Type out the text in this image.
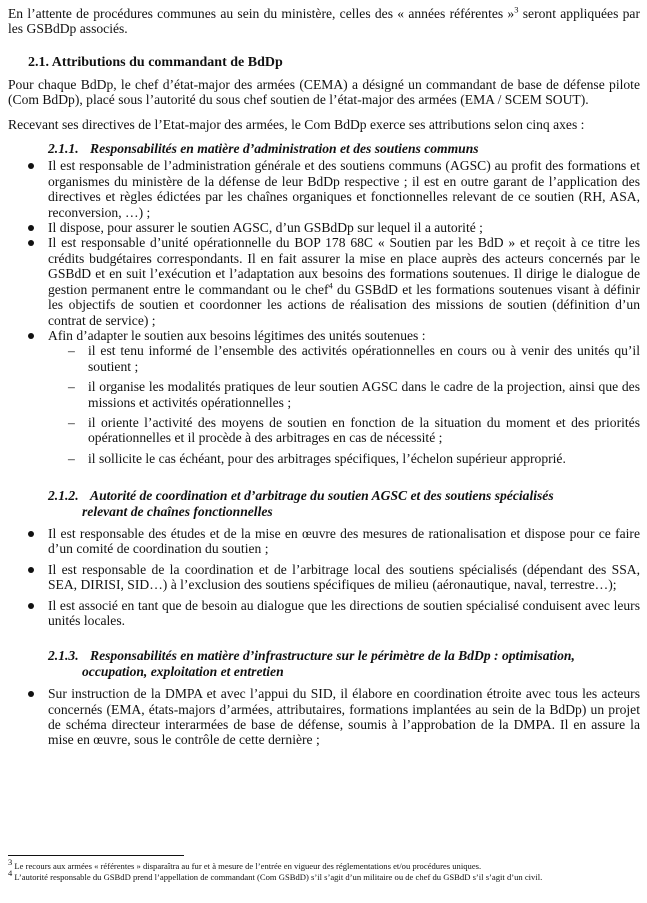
En l’attente de procédures communes au sein du ministère, celles des « années référentes »$^3$ seront appliquées par les GSBdDp associés.

2.1. Attributions du commandant de BdDp

Pour chaque BdDp, le chef d’état-major des armées (CEMA) a désigné un commandant de base de défense pilote (Com BdDp), placé sous l’autorité du sous chef soutien de l’état-major des armées (EMA / SCEM SOUT).

Recevant ses directives de l’Etat-major des armées, le Com BdDp exerce ses attributions selon cinq axes :

2.1.1. Responsabilités en matière d’administration et des soutiens communs
Il est responsable de l’administration générale et des soutiens communs (AGSC) au profit des formations et organismes du ministère de la défense de leur BdDp respective ; il est en outre garant de l’application des directives et règles édictées par les chaînes organiques et fonctionnelles relevant de ce soutien (RH, ASA, reconversion, …) ;
Il dispose, pour assurer le soutien AGSC, d’un GSBdDp sur lequel il a autorité ;
Il est responsable d’unité opérationnelle du BOP 178 68C « Soutien par les BdD » et reçoit à ce titre les crédits budgétaires correspondants. Il en fait assurer la mise en place auprès des acteurs concernés par le GSBdD et en suit l’exécution et l’adaptation aux besoins des formations soutenues. Il dirige le dialogue de gestion permanent entre le commandant ou le chef$^4$ du GSBdD et les formations soutenues visant à définir les objectifs de soutien et coordonner les actions de réalisation des missions de soutien (définition d’un contrat de service) ;
Afin d’adapter le soutien aux besoins légitimes des unités soutenues :
– il est tenu informé de l’ensemble des activités opérationnelles en cours ou à venir des unités qu’il soutient ;
– il organise les modalités pratiques de leur soutien AGSC dans le cadre de la projection, ainsi que des missions et activités opérationnelles ;
– il oriente l’activité des moyens de soutien en fonction de la situation du moment et des priorités opérationnelles et il procède à des arbitrages en cas de nécessité ;
– il sollicite le cas échéant, pour des arbitrages spécifiques, l’échelon supérieur approprié.
2.1.2. Autorité de coordination et d’arbitrage du soutien AGSC et des soutiens spécialisés
relevant de chaînes fonctionnelles
Il est responsable des études et de la mise en œuvre des mesures de rationalisation et dispose pour ce faire d’un comité de coordination du soutien ;
Il est responsable de la coordination et de l’arbitrage local des soutiens spécialisés (dépendant des SSA, SEA, DIRISI, SID…) à l’exclusion des soutiens spécifiques de milieu (aéronautique, naval, terrestre…);
Il est associé en tant que de besoin au dialogue que les directions de soutien spécialisé conduisent avec leurs unités locales.
2.1.3. Responsabilités en matière d’infrastructure sur le périmètre de la BdDp : optimisation,
occupation, exploitation et entretien
Sur instruction de la DMPA et avec l’appui du SID, il élabore en coordination étroite avec tous les acteurs concernés (EMA, états-majors d’armées, attributaires, formations implantées au sein de la BdDp) un projet de schéma directeur interarmées de base de défense, soumis à l’approbation de la DMPA. Il en assure la mise en œuvre, sous le contrôle de cette dernière ;

3 Le recours aux armées « référentes » disparaîtra au fur et à mesure de l’entrée en vigueur des réglementations et/ou procédures uniques.

4 L’autorité responsable du GSBdD prend l’appellation de commandant (Com GSBdD) s’il s’agit d’un militaire ou de chef du GSBdD s’il s’agit d’un civil.
